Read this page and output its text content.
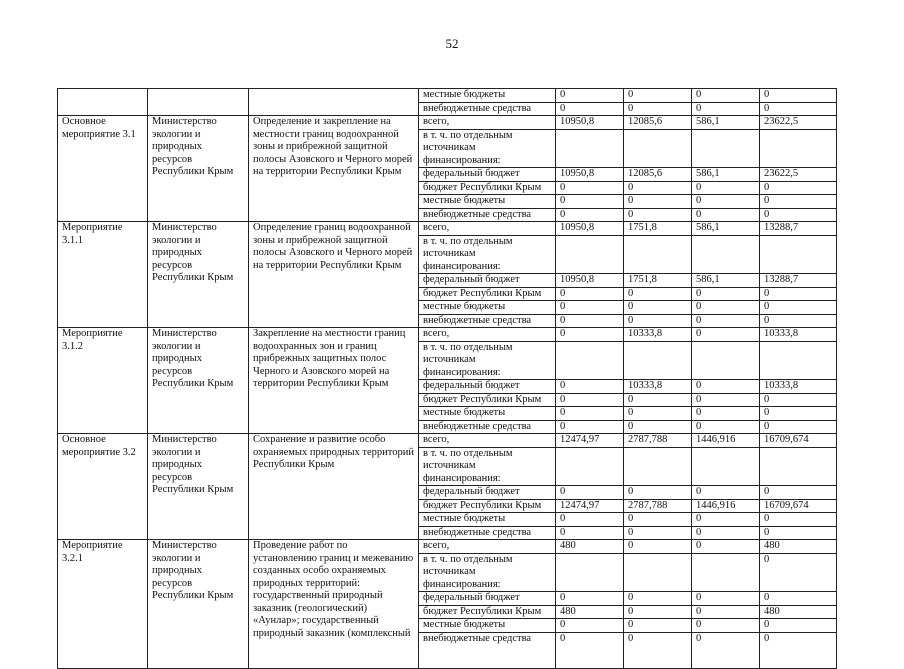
52
			местные бюджеты	0	0	0	0
			внебюджетные средства	0	0	0	0
Основное мероприятие 3.1	Министерство экологии и природных ресурсов Республики Крым	Определение и закрепление на местности границ водоохранной зоны и прибрежной защитной полосы Азовского и Черного морей на территории Республики Крым	всего,	10950,8	12085,6	586,1	23622,5
			в т. ч. по отдельным источникам финансирования:				
			федеральный бюджет	10950,8	12085,6	586,1	23622,5
			бюджет Республики Крым	0	0	0	0
			местные бюджеты	0	0	0	0
			внебюджетные средства	0	0	0	0
Мероприятие 3.1.1	Министерство экологии и природных ресурсов Республики Крым	Определение границ водоохранной зоны и прибрежной защитной полосы Азовского и Черного морей на территории Республики Крым	всего,	10950,8	1751,8	586,1	13288,7
			в т. ч. по отдельным источникам финансирования:				
			федеральный бюджет	10950,8	1751,8	586,1	13288,7
			бюджет Республики Крым	0	0	0	0
			местные бюджеты	0	0	0	0
			внебюджетные средства	0	0	0	0
Мероприятие 3.1.2	Министерство экологии и природных ресурсов Республики Крым	Закрепление на местности границ водоохранных зон и границ прибрежных защитных полос Черного и Азовского морей на территории Республики Крым	всего,	0	10333,8	0	10333,8
			в т. ч. по отдельным источникам финансирования:				
			федеральный бюджет	0	10333,8	0	10333,8
			бюджет Республики Крым	0	0	0	0
			местные бюджеты	0	0	0	0
			внебюджетные средства	0	0	0	0
Основное мероприятие 3.2	Министерство экологии и природных ресурсов Республики Крым	Сохранение и развитие особо охраняемых природных территорий Республики Крым	всего,	12474,97	2787,788	1446,916	16709,674
			в т. ч. по отдельным источникам финансирования:				
			федеральный бюджет	0	0	0	0
			бюджет Республики Крым	12474,97	2787,788	1446,916	16709,674
			местные бюджеты	0	0	0	0
			внебюджетные средства	0	0	0	0
Мероприятие 3.2.1	Министерство экологии и природных ресурсов Республики Крым	Проведение работ по установлению границ и межеванию созданных особо охраняемых природных территорий: государственный природный заказник (геологический) «Аунлар»; государственный природный заказник (комплексный	всего,	480	0	0	480
			в т. ч. по отдельным источникам финансирования:				0
			федеральный бюджет	0	0	0	0
			бюджет Республики Крым	480	0	0	480
			местные бюджеты	0	0	0	0
			внебюджетные средства	0	0	0	0
